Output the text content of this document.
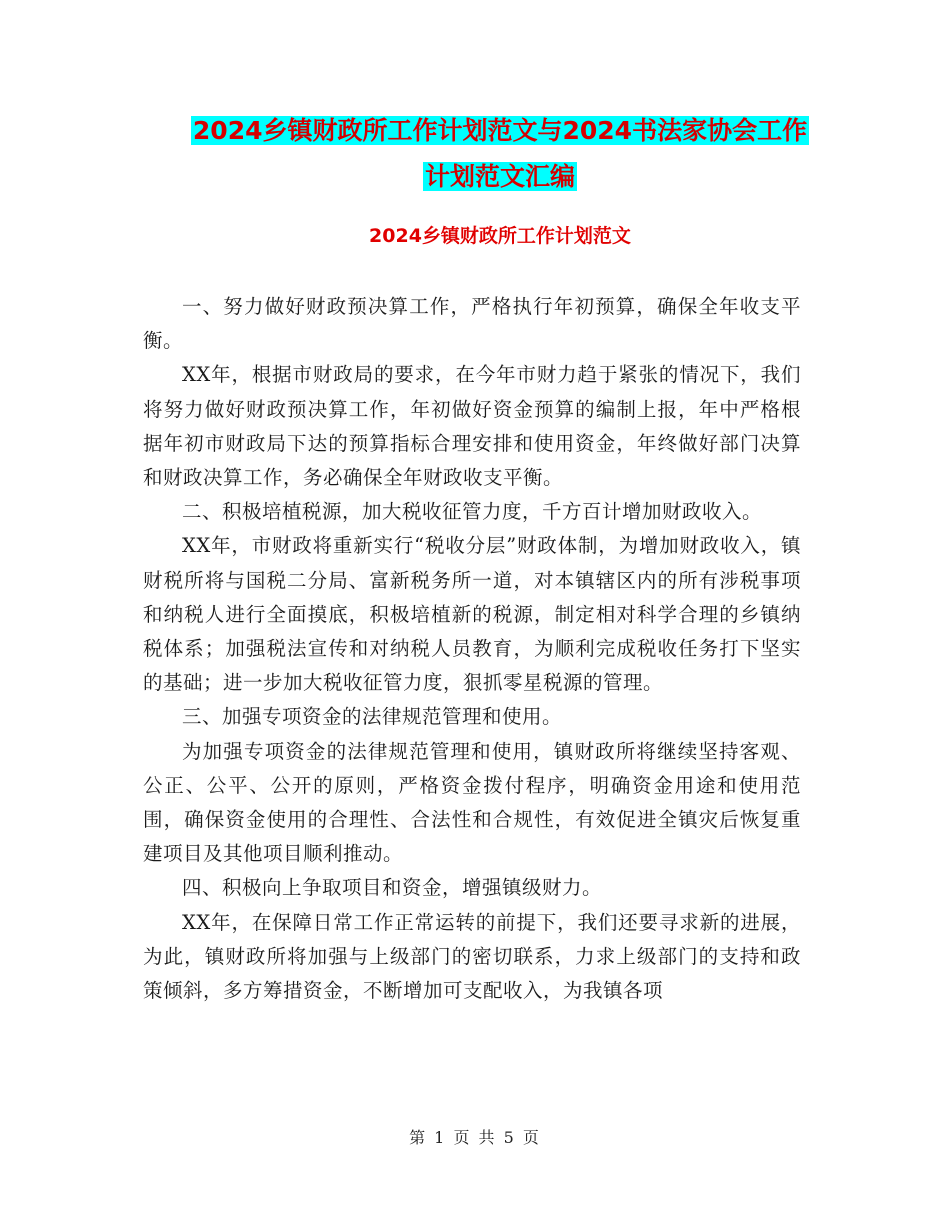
2024乡镇财政所工作计划范文与2024书法家协会工作
计划范文汇编
2024乡镇财政所工作计划范文

一、努力做好财政预决算工作，严格执行年初预算，确保全年收支平衡。

XX年，根据市财政局的要求，在今年市财力趋于紧张的情况下，我们将努力做好财政预决算工作，年初做好资金预算的编制上报，年中严格根据年初市财政局下达的预算指标合理安排和使用资金，年终做好部门决算和财政决算工作，务必确保全年财政收支平衡。

二、积极培植税源，加大税收征管力度，千方百计增加财政收入。

XX年，市财政将重新实行“税收分层”财政体制，为增加财政收入，镇财税所将与国税二分局、富新税务所一道，对本镇辖区内的所有涉税事项和纳税人进行全面摸底，积极培植新的税源，制定相对科学合理的乡镇纳税体系；加强税法宣传和对纳税人员教育，为顺利完成税收任务打下坚实的基础；进一步加大税收征管力度，狠抓零星税源的管理。

三、加强专项资金的法律规范管理和使用。

为加强专项资金的法律规范管理和使用，镇财政所将继续坚持客观、公正、公平、公开的原则，严格资金拨付程序，明确资金用途和使用范围，确保资金使用的合理性、合法性和合规性，有效促进全镇灾后恢复重建项目及其他项目顺利推动。

四、积极向上争取项目和资金，增强镇级财力。

XX年，在保障日常工作正常运转的前提下，我们还要寻求新的进展，为此，镇财政所将加强与上级部门的密切联系，力求上级部门的支持和政策倾斜，多方筹措资金，不断增加可支配收入，为我镇各项

第 1 页 共 5 页
